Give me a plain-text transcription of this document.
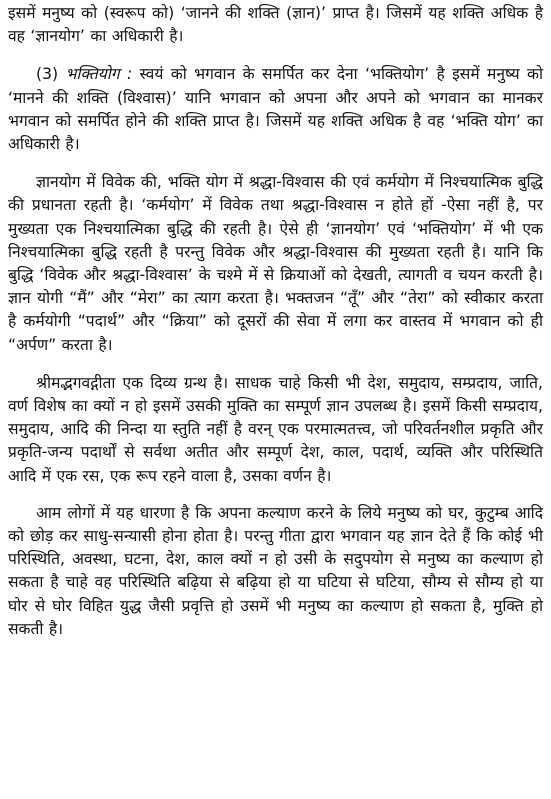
इसमें मनुष्य को (स्वरूप को) ‘जानने की शक्ति (ज्ञान)’ प्राप्त है। जिसमें यह शक्ति अधिक है वह ‘ज्ञानयोग’ का अधिकारी है।

(3) भक्तियोग : स्वयं को भगवान के समर्पित कर देना ‘भक्तियोग’ है इसमें मनुष्य को ‘मानने की शक्ति (विश्वास)’ यानि भगवान को अपना और अपने को भगवान का मानकर भगवान को समर्पित होने की शक्ति प्राप्त है। जिसमें यह शक्ति अधिक है वह ‘भक्ति योग’ का अधिकारी है।

ज्ञानयोग में विवेक की, भक्ति योग में श्रद्धा-विश्वास की एवं कर्मयोग में निश्चयात्मिक बुद्धि की प्रधानता रहती है। ‘कर्मयोग’ में विवेक तथा श्रद्धा-विश्वास न होते हों -ऐसा नहीं है, पर मुख्यता एक निश्चयात्मिका बुद्धि की रहती है। ऐसे ही ‘ज्ञानयोग’ एवं ‘भक्तियोग’ में भी एक निश्चयात्मिका बुद्धि रहती है परन्तु विवेक और श्रद्धा-विश्वास की मुख्यता रहती है। यानि कि बुद्धि ‘विवेक और श्रद्धा-विश्वास’ के चश्मे में से क्रियाओं को देखती, त्यागती व चयन करती है। ज्ञान योगी “मैं” और “मेरा” का त्याग करता है। भक्तजन “तूँ” और “तेरा” को स्वीकार करता है कर्मयोगी “पदार्थ” और “क्रिया” को दूसरों की सेवा में लगा कर वास्तव में भगवान को ही “अर्पण” करता है।

श्रीमद्भगवद्गीता एक दिव्य ग्रन्थ है। साधक चाहे किसी भी देश, समुदाय, सम्प्रदाय, जाति, वर्ण विशेष का क्यों न हो इसमें उसकी मुक्ति का सम्पूर्ण ज्ञान उपलब्ध है। इसमें किसी सम्प्रदाय, समुदाय, आदि की निन्दा या स्तुति नहीं है वरन् एक परमात्मतत्त्व, जो परिवर्तनशील प्रकृति और प्रकृति-जन्य पदार्थों से सर्वथा अतीत और सम्पूर्ण देश, काल, पदार्थ, व्यक्ति और परिस्थिति आदि में एक रस, एक रूप रहने वाला है, उसका वर्णन है।

आम लोगों में यह धारणा है कि अपना कल्याण करने के लिये मनुष्य को घर, कुटुम्ब आदि को छोड़ कर साधु-सन्यासी होना होता है। परन्तु गीता द्वारा भगवान यह ज्ञान देते हैं कि कोई भी परिस्थिति, अवस्था, घटना, देश, काल क्यों न हो उसी के सदुपयोग से मनुष्य का कल्याण हो सकता है चाहे वह परिस्थिति बढ़िया से बढ़िया हो या घटिया से घटिया, सौम्य से सौम्य हो या घोर से घोर विहित युद्ध जैसी प्रवृत्ति हो उसमें भी मनुष्य का कल्याण हो सकता है, मुक्ति हो सकती है।
